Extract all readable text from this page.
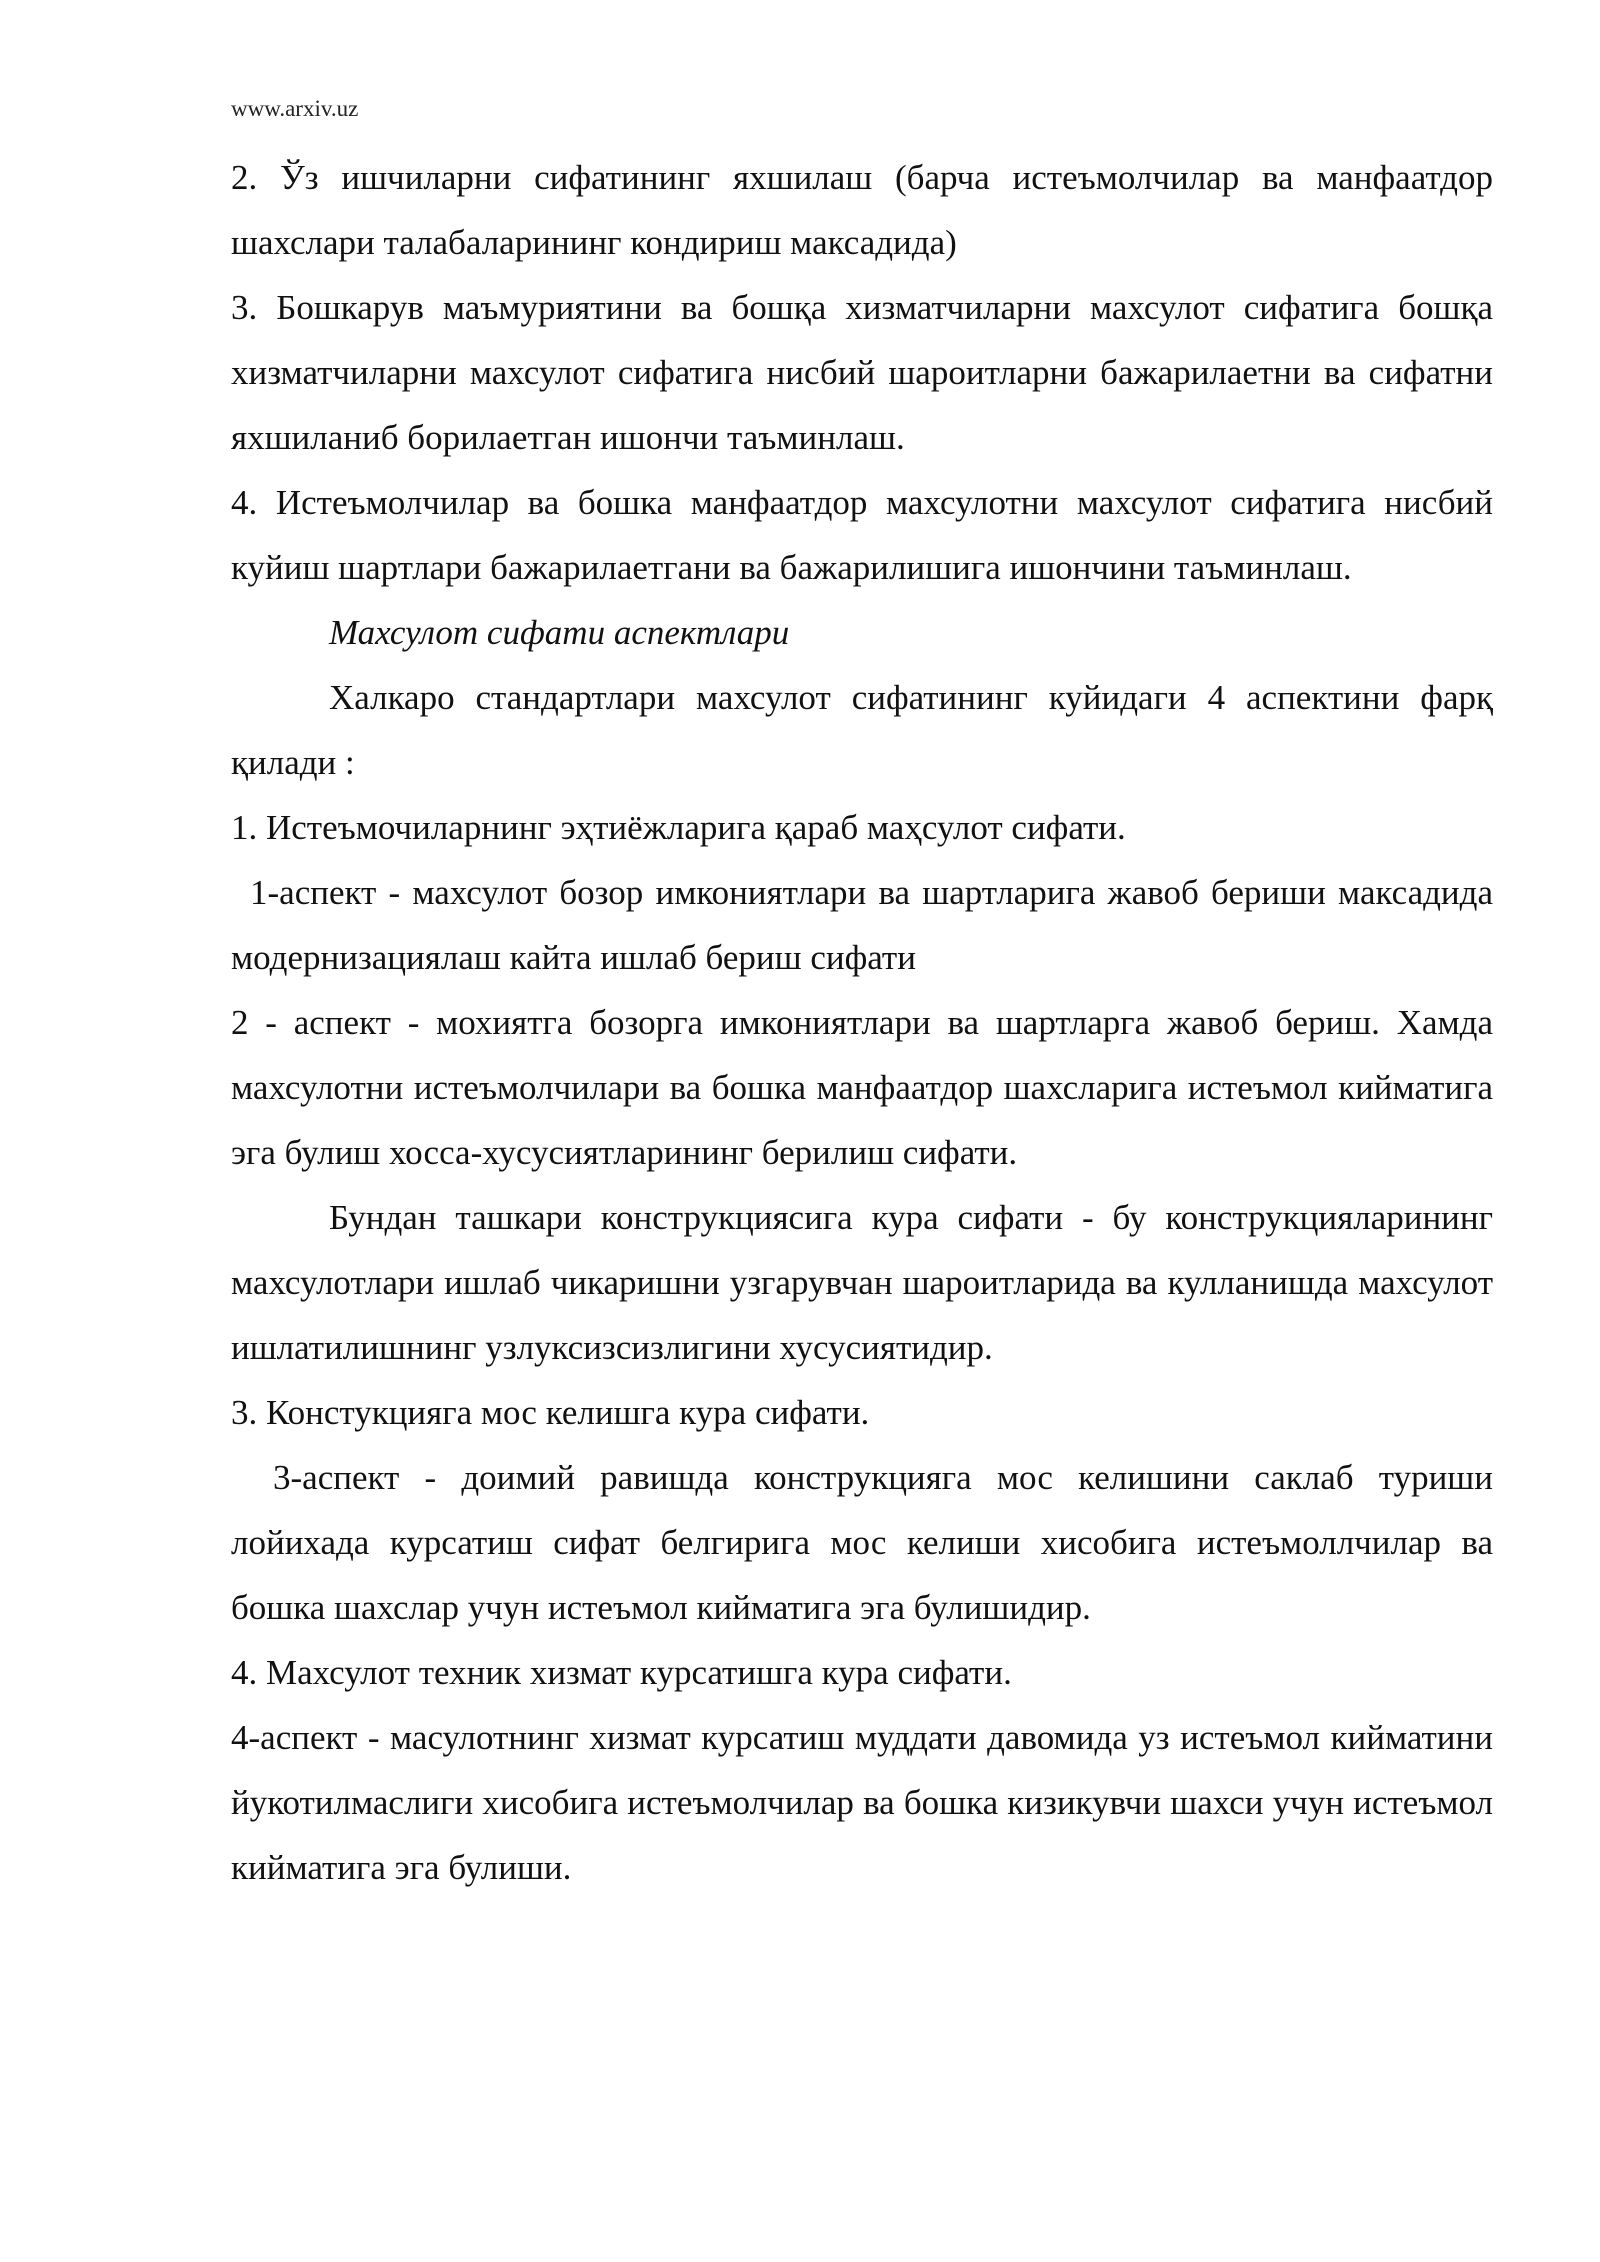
www.arxiv.uz

2. Ўз ишчиларни сифатининг яхшилаш (барча истеъмолчилар ва манфаатдор шахслари талабаларининг кондириш максадида)

3. Бошкарув маъмуриятини ва бошқа хизматчиларни махсулот сифатига бошқа хизматчиларни махсулот сифатига нисбий шароитларни бажарилаетни ва сифатни яхшиланиб борилаетган ишончи таъминлаш.

4. Истеъмолчилар ва бошка манфаатдор махсулотни махсулот сифатига нисбий куйиш шартлари бажарилаетгани ва бажарилишига ишончини таъминлаш.

Махсулот сифати аспектлари

Халкаро стандартлари махсулот сифатининг куйидаги 4 аспектини фарқ қилади :

1. Истеъмочиларнинг эҳтиёжларига қараб маҳсулот сифати.

1-аспект - махсулот бозор имкониятлари ва шартларига жавоб бериши максадида модернизациялаш кайта ишлаб бериш сифати

2 - аспект - мохиятга бозорга имкониятлари ва шартларга жавоб бериш. Хамда махсулотни истеъмолчилари ва бошка манфаатдор шахсларига истеъмол кийматига эга булиш хосса-хусусиятларининг берилиш сифати.

Бундан ташкари конструкциясига кура сифати - бу конструкцияларининг махсулотлари ишлаб чикаришни узгарувчан шароитларида ва кулланишда махсулот ишлатилишнинг узлуксизсизлигини хусусиятидир.

3. Констукцияга мос келишга кура сифати.

3-аспект - доимий равишда конструкцияга мос келишини саклаб туриши лойихада курсатиш сифат белгирига мос келиши хисобига истеъмоллчилар ва бошка шахслар учун истеъмол кийматига эга булишидир.

4. Махсулот техник хизмат курсатишга кура сифати.

4-аспект - масулотнинг хизмат курсатиш муддати давомида уз истеъмол кийматини йукотилмаслиги хисобига истеъмолчилар ва бошка кизикувчи шахси учун истеъмол кийматига эга булиши.
